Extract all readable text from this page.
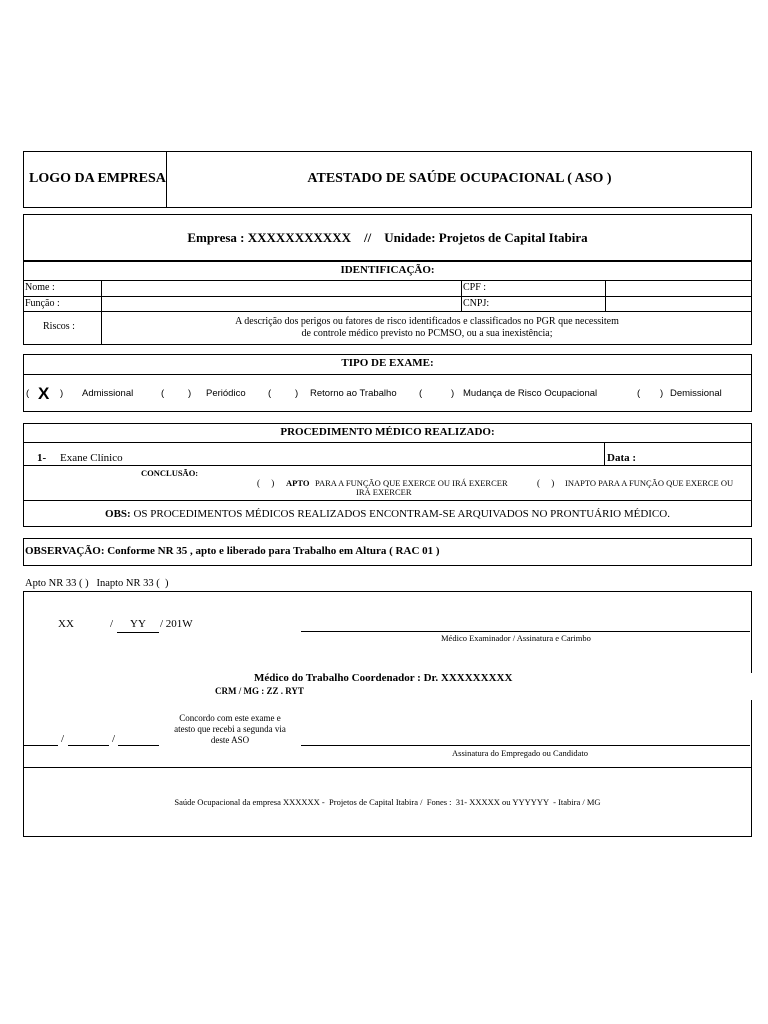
LOGO DA EMPRESA	ATESTADO DE SAÚDE OCUPACIONAL ( ASO )
Empresa : XXXXXXXXXXX    //    Unidade: Projetos de Capital Itabira
IDENTIFICAÇÃO:
Nome :	CPF :
Função :	CNPJ:
Riscos :	A descrição dos perigos ou fatores de risco identificados e classificados no PGR que necessitem
de controle médico previsto no PCMSO, ou a sua inexistência;
TIPO DE EXAME:
( X ) Admissional	(	) Periódico (	) Retorno ao Trabalho (	) Mudança de Risco Ocupacional	( ) Demissional
PROCEDIMENTO MÉDICO REALIZADO:
1- Exane Clínico	Data :
CONCLUSÃO:
(     ) APTO PARA A FUNÇÃO QUE EXERCE OU IRÁ EXERCER	(     ) INAPTO PARA A FUNÇÃO QUE EXERCE OU
IRÁ EXERCER
OBS: OS PROCEDIMENTOS MÉDICOS REALIZADOS ENCONTRAM-SE ARQUIVADOS NO PRONTUÁRIO MÉDICO.
OBSERVAÇÃO: Conforme NR 35 , apto e liberado para Trabalho em Altura ( RAC 01 )
Apto NR 33 ( )   Inapto NR 33 (  )
XX	/ YY / 201W
Médico Examinador / Assinatura e Carimbo
Médico do Trabalho Coordenador : Dr. XXXXXXXXX
CRM / MG : ZZ . RYT
Concordo com este exame e
atesto que recebi a segunda via
deste ASO
/	/
Assinatura do Empregado ou Candidato
Saúde Ocupacional da empresa XXXXXX -  Projetos de Capital Itabira /  Fones :  31- XXXXX ou YYYYYY  - Itabira / MG
